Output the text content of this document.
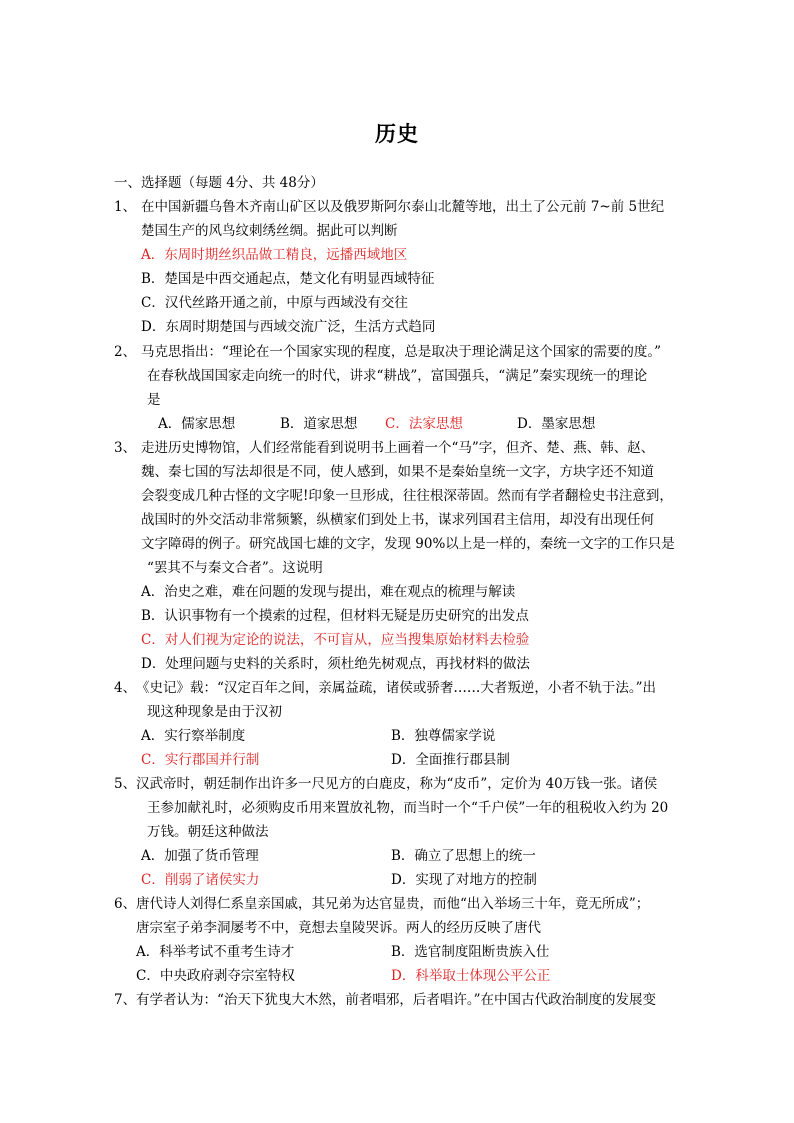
历史
一、选择题（每题 4分、共 48分）
1、 在中国新疆乌鲁木齐南山矿区以及俄罗斯阿尔泰山北麓等地，出土了公元前 7~前 5世纪
楚国生产的风鸟纹刺绣丝绸。据此可以判断
A．东周时期丝织品做工精良，远播西域地区
B．楚国是中西交通起点，楚文化有明显西域特征
C．汉代丝路开通之前，中原与西域没有交往
D．东周时期楚国与西域交流广泛，生活方式趋同
2、 马克思指出：“理论在一个国家实现的程度，总是取决于理论满足这个国家的需要的度。”
在春秋战国国家走向统一的时代，讲求“耕战”，富国强兵，“满足”秦实现统一的理论
是
A．儒家思想	B．道家思想 C．法家思想	D．墨家思想
3、 走进历史博物馆，人们经常能看到说明书上画着一个“马”字，但齐、楚、燕、韩、赵、
魏、秦七国的写法却很是不同，使人感到，如果不是秦始皇统一文字，方块字还不知道
会裂变成几种古怪的文字呢!印象一旦形成，往往根深蒂固。然而有学者翻检史书注意到，
战国时的外交活动非常频繁，纵横家们到处上书，谋求列国君主信用，却没有出现任何
文字障碍的例子。研究战国七雄的文字，发现 90%以上是一样的，秦统一文字的工作只是
“罢其不与秦文合者”。这说明
A．治史之难，难在问题的发现与提出，难在观点的梳理与解读
B．认识事物有一个摸索的过程，但材料无疑是历史研究的出发点
C．对人们视为定论的说法，不可盲从，应当搜集原始材料去检验
D．处理问题与史料的关系时，须杜绝先树观点，再找材料的做法
4、 《史记》载：“汉定百年之间，亲属益疏，诸侯或骄奢……大者叛逆，小者不轨于法。”出
现这种现象是由于汉初
A．实行察举制度	B．独尊儒家学说
C．实行郡国并行制	D．全面推行郡县制
5、 汉武帝时，朝廷制作出许多一尺见方的白鹿皮，称为“皮币”，定价为 40万钱一张。诸侯
王参加献礼时，必须购皮币用来置放礼物，而当时一个“千户侯”一年的租税收入约为 20
万钱。朝廷这种做法
A．加强了货币管理	B．确立了思想上的统一
C．削弱了诸侯实力	D．实现了对地方的控制
6、 唐代诗人刘得仁系皇亲国戚，其兄弟为达官显贵，而他“出入举场三十年，竟无所成”；
唐宗室子弟李洞屡考不中，竟想去皇陵哭诉。两人的经历反映了唐代
A．科举考试不重考生诗才	B．选官制度阻断贵族入仕
C．中央政府剥夺宗室特权	D．科举取士体现公平公正
7、 有学者认为：“治天下犹曳大木然，前者唱邪，后者唱许。”在中国古代政治制度的发展变
